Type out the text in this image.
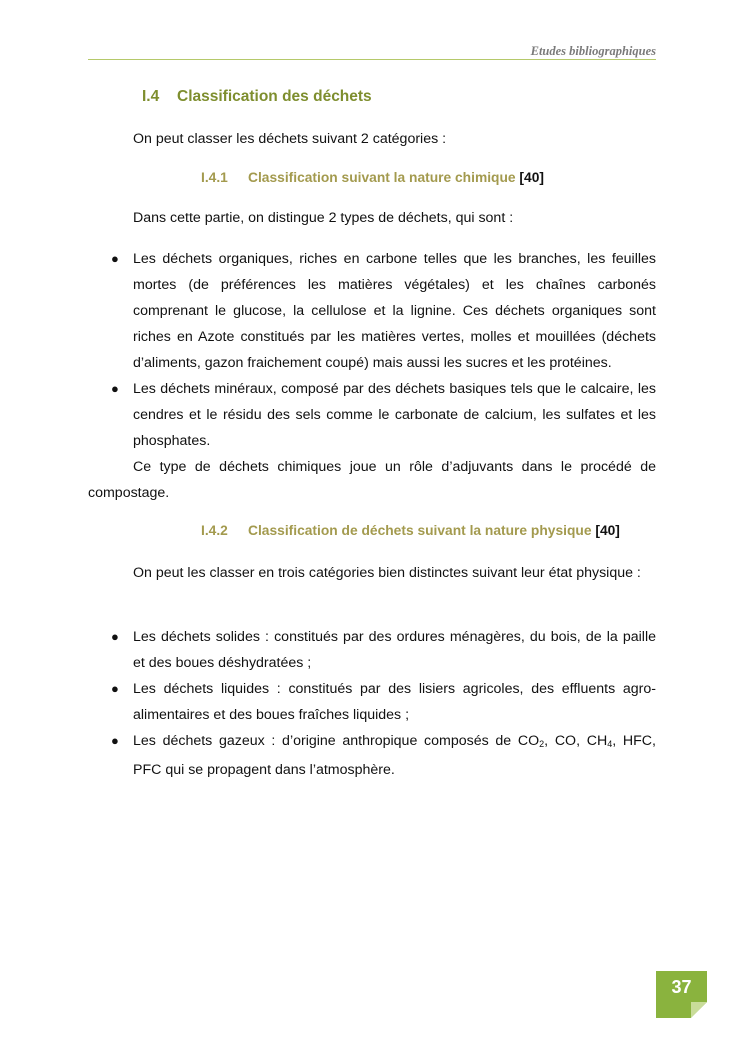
Etudes bibliographiques
I.4 Classification des déchets

On peut classer les déchets suivant 2 catégories :

I.4.1 Classification suivant la nature chimique [40]

Dans cette partie, on distingue 2 types de déchets, qui sont :

● Les déchets organiques, riches en carbone telles que les branches, les feuilles mortes (de préférences les matières végétales) et les chaînes carbonés comprenant le glucose, la cellulose et la lignine. Ces déchets organiques sont riches en Azote constitués par les matières vertes, molles et mouillées (déchets d’aliments, gazon fraichement coupé) mais aussi les sucres et les protéines.
● Les déchets minéraux, composé par des déchets basiques tels que le calcaire, les cendres et le résidu des sels comme le carbonate de calcium, les sulfates et les phosphates.

Ce type de déchets chimiques joue un rôle d’adjuvants dans le procédé de compostage.

I.4.2 Classification de déchets suivant la nature physique [40]

On peut les classer en trois catégories bien distinctes suivant leur état physique :

● Les déchets solides : constitués par des ordures ménagères, du bois, de la paille et des boues déshydratées ;
● Les déchets liquides : constitués par des lisiers agricoles, des effluents agro-alimentaires et des boues fraîches liquides ;
● Les déchets gazeux : d’origine anthropique composés de $CO_2$, CO, $CH_4$, HFC, PFC qui se propagent dans l’atmosphère.
37
